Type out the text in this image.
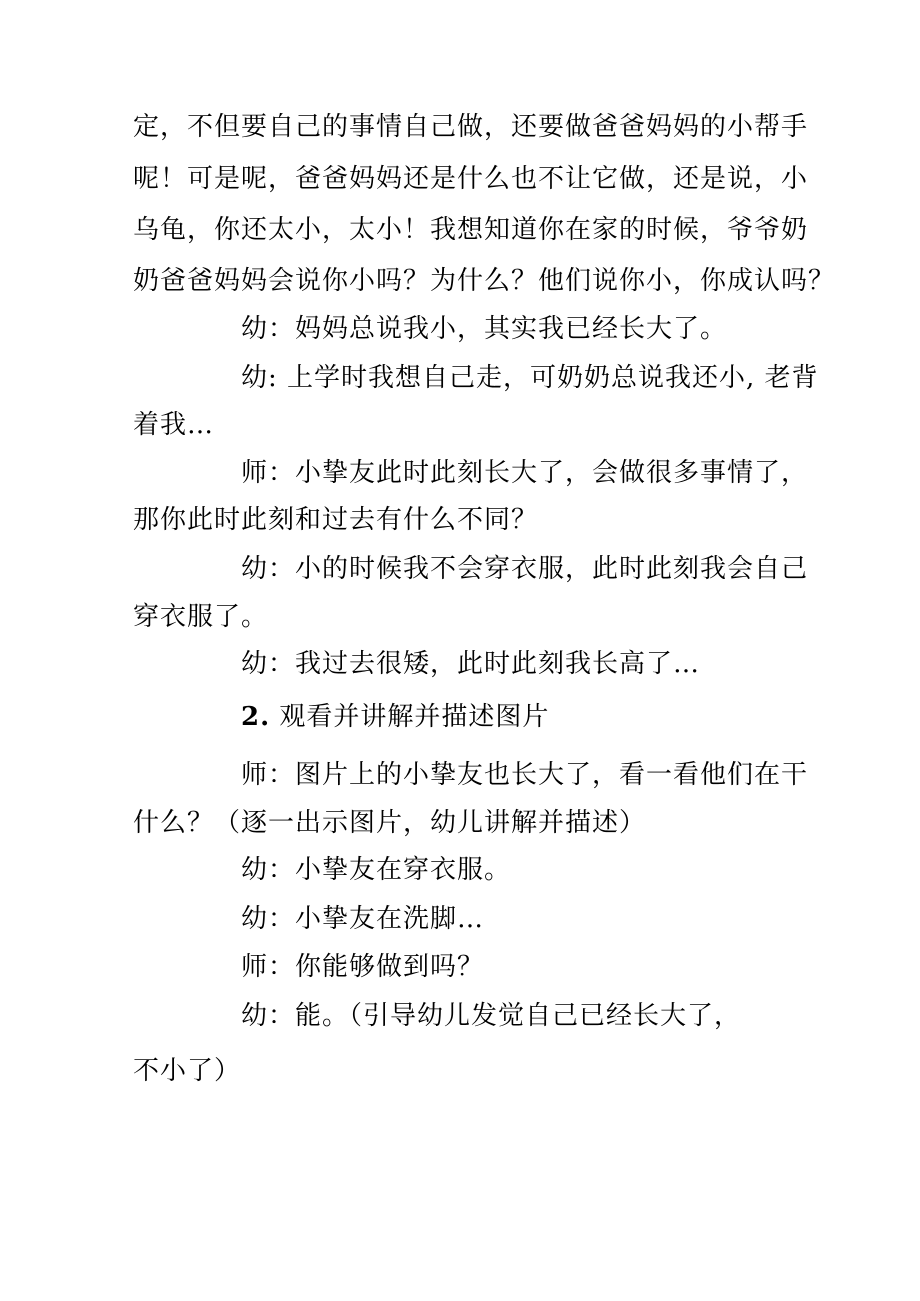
定，不但要自己的事情自己做，还要做爸爸妈妈的小帮手
呢！可是呢，爸爸妈妈还是什么也不让它做，还是说，小
乌龟，你还太小，太小！我想知道你在家的时候，爷爷奶
奶爸爸妈妈会说你小吗？为什么？他们说你小，你成认吗？
幼：妈妈总说我小，其实我已经长大了。
幼: 上学时我想自己走，可奶奶总说我还小, 老背
着我…
师：小挚友此时此刻长大了，会做很多事情了，
那你此时此刻和过去有什么不同？
幼：小的时候我不会穿衣服，此时此刻我会自己
穿衣服了。
幼：我过去很矮，此时此刻我长高了…
2. 观看并讲解并描述图片
师：图片上的小挚友也长大了，看一看他们在干
什么？（逐一出示图片，幼儿讲解并描述）
幼：小挚友在穿衣服。
幼：小挚友在洗脚…
师：你能够做到吗？
幼：能。（引导幼儿发觉自己已经长大了，
不小了）
